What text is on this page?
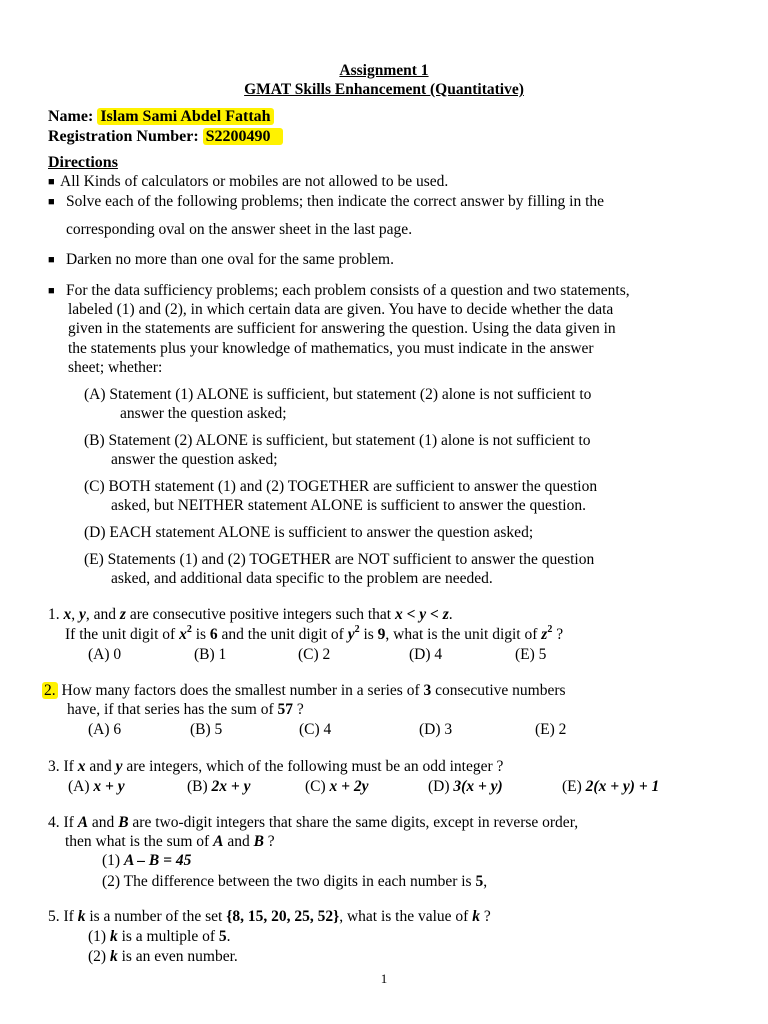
Assignment 1
GMAT Skills Enhancement (Quantitative)
Name: Islam Sami Abdel Fattah
Registration Number: S2200490
Directions
■ All Kinds of calculators or mobiles are not allowed to be used.
■ Solve each of the following problems; then indicate the correct answer by filling in the
corresponding oval on the answer sheet in the last page.
■ Darken no more than one oval for the same problem.
■ For the data sufficiency problems; each problem consists of a question and two statements,
labeled (1) and (2), in which certain data are given. You have to decide whether the data
given in the statements are sufficient for answering the question. Using the data given in
the statements plus your knowledge of mathematics, you must indicate in the answer
sheet; whether:
(A) Statement (1) ALONE is sufficient, but statement (2) alone is not sufficient to
answer the question asked;
(B) Statement (2) ALONE is sufficient, but statement (1) alone is not sufficient to
answer the question asked;
(C) BOTH statement (1) and (2) TOGETHER are sufficient to answer the question
asked, but NEITHER statement ALONE is sufficient to answer the question.
(D) EACH statement ALONE is sufficient to answer the question asked;
(E) Statements (1) and (2) TOGETHER are NOT sufficient to answer the question
asked, and additional data specific to the problem are needed.
1. x, y, and z are consecutive positive integers such that x < y < z.
If the unit digit of $x^2$ is 6 and the unit digit of $y^2$ is 9, what is the unit digit of $z^2$ ?
(A) 0	(B) 1	(C) 2	(D) 4	(E) 5
2. How many factors does the smallest number in a series of 3 consecutive numbers
have, if that series has the sum of 57 ?
(A) 6	(B) 5	(C) 4	(D) 3	(E) 2
3. If x and y are integers, which of the following must be an odd integer ?
(A) x + y	(B) 2x + y	(C) x + 2y	(D) 3(x + y)	(E) 2(x + y) + 1
4. If A and B are two-digit integers that share the same digits, except in reverse order,
then what is the sum of A and B ?
(1) A – B = 45
(2) The difference between the two digits in each number is 5,
5. If k is a number of the set {8, 15, 20, 25, 52}, what is the value of k ?
(1) k is a multiple of 5.
(2) k is an even number.
1
